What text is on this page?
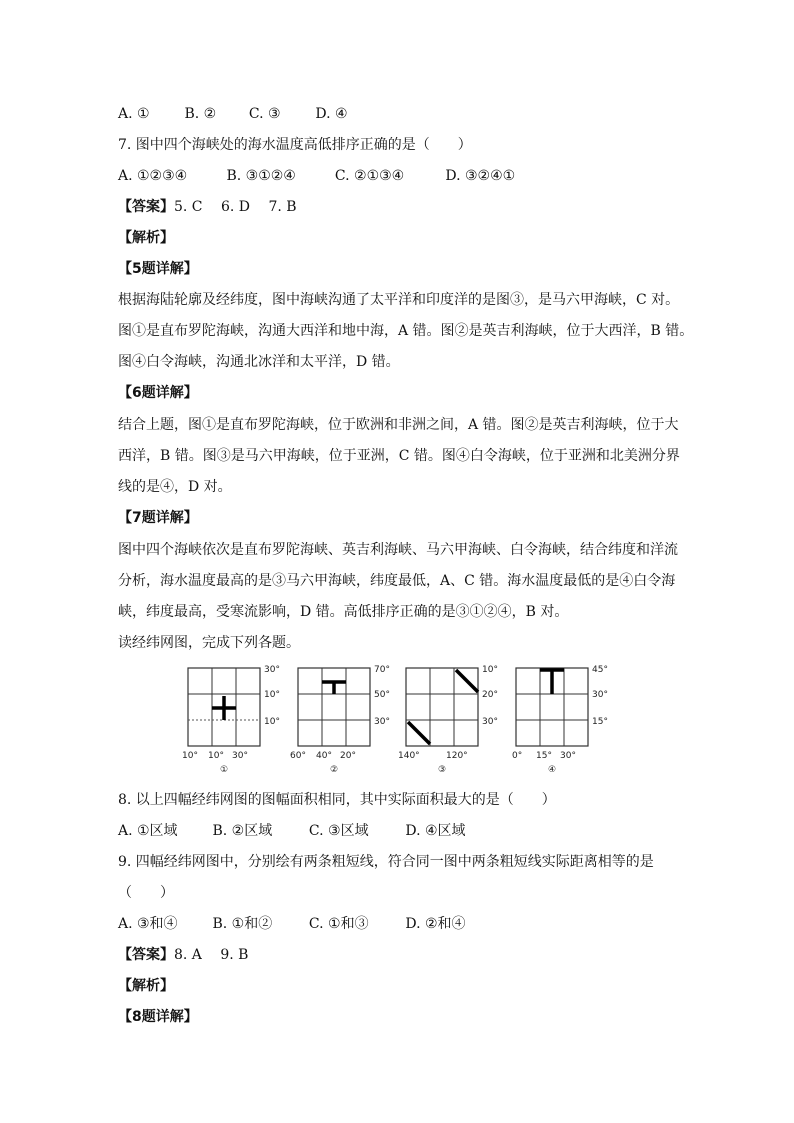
A. ① B. ② C. ③ D. ④
7. 图中四个海峡处的海水温度高低排序正确的是（　　）
A. ①②③④	B. ③①②④	C. ②①③④	D. ③②④①
【答案】5. C　 6. D　 7. B
【解析】
【5题详解】
根据海陆轮廓及经纬度，图中海峡沟通了太平洋和印度洋的是图③，是马六甲海峡，C 对。
图①是直布罗陀海峡，沟通大西洋和地中海，A 错。图②是英吉利海峡，位于大西洋，B 错。
图④白令海峡，沟通北冰洋和太平洋，D 错。
【6题详解】
结合上题，图①是直布罗陀海峡，位于欧洲和非洲之间，A 错。图②是英吉利海峡，位于大
西洋，B 错。图③是马六甲海峡，位于亚洲，C 错。图④白令海峡，位于亚洲和北美洲分界
线的是④，D 对。
【7题详解】
图中四个海峡依次是直布罗陀海峡、英吉利海峡、马六甲海峡、白令海峡，结合纬度和洋流
分析，海水温度最高的是③马六甲海峡，纬度最低，A、C 错。海水温度最低的是④白令海
峡，纬度最高，受寒流影响，D 错。高低排序正确的是③①②④，B 对。
读经纬网图，完成下列各题。
30°
10°
10°
10° 10° 30°
①
70°
50°
30°
60° 40° 20°
②
10°
20°
30°
140°	120°
③
45°
30°
15°
0° 15° 30°
④
8. 以上四幅经纬网图的图幅面积相同，其中实际面积最大的是（　　）
A. ①区域 B. ②区域	C. ③区域	D. ④区域
9. 四幅经纬网图中，分别绘有两条粗短线，符合同一图中两条粗短线实际距离相等的是
（　　）
A. ③和④ B. ①和②	C. ①和③	D. ②和④
【答案】8. A　 9. B
【解析】
【8题详解】
